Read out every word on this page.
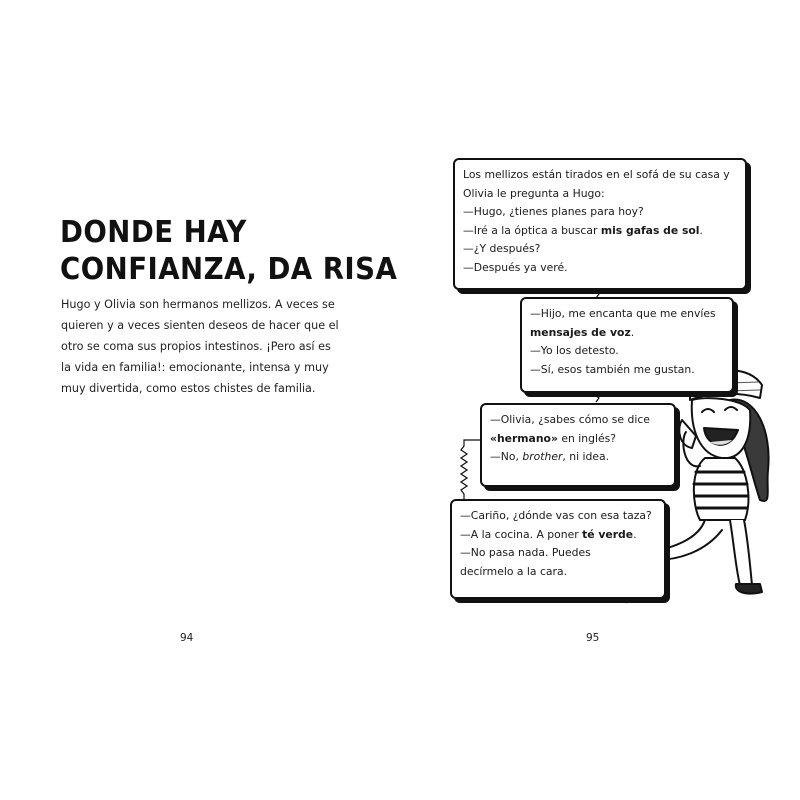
DONDE HAY
CONFIANZA, DA RISA
Hugo y Olivia son hermanos mellizos. A veces se
quieren y a veces sienten deseos de hacer que el
otro se coma sus propios intestinos. ¡Pero así es
la vida en familia!: emocionante, intensa y muy
muy divertida, como estos chistes de familia.
94
Los mellizos están tirados en el sofá de su casa y
Olivia le pregunta a Hugo:
—Hugo, ¿tienes planes para hoy?
—Iré a la óptica a buscar mis gafas de sol.
—¿Y después?
—Después ya veré.
—Hijo, me encanta que me envíes
mensajes de voz.
—Yo los detesto.
—Sí, esos también me gustan.
—Olivia, ¿sabes cómo se dice
«hermano» en inglés?
—No, brother, ni idea.
—Cariño, ¿dónde vas con esa taza?
—A la cocina. A poner té verde.
—No pasa nada. Puedes
decírmelo a la cara.
95
